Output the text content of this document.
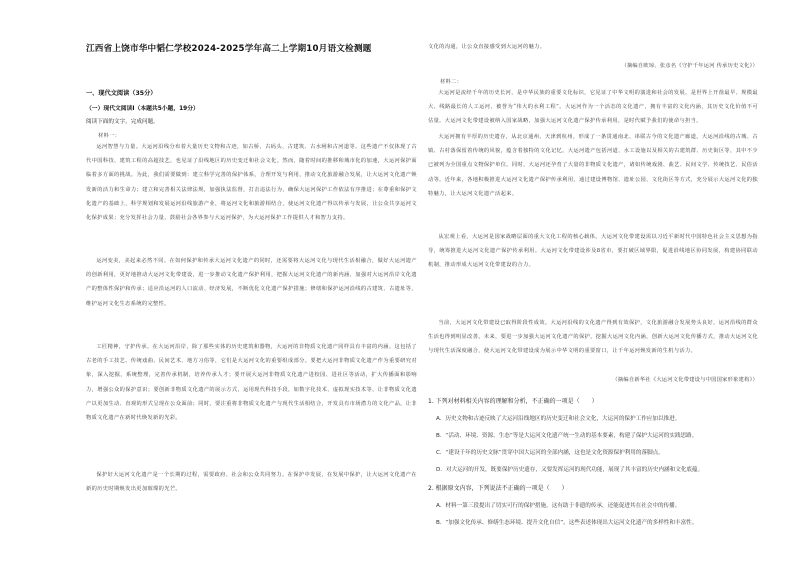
江西省上饶市华中韬仁学校2024-2025学年高二上学期10月语文检测题
一、现代文阅读（35分）
（一）现代文阅读Ⅰ（本题共5小题，19分）
阅读下面的文字，完成问题。
材料一：
运河智慧与力量。大运河沿线分布着大量历史文物和古迹，如古桥、古码头、古建筑、古水闸和古河道等。这些遗产不仅体现了古代中国科技、建筑工程的高超技艺，也见证了沿线地区的历史变迁和社会文化。然而，随着时间的推移和城市化的加速，大运河保护面临着多方面的挑战。为此，我们需要做到：建立科学完善的保护体系，合理开发与利用，推动文化旅游融合发展，让大运河文化遗产焕发新的活力和生命力；建立和完善相关法律法规，加强执法监督，打击违法行为，确保大运河保护工作依法有序推进；在尊重和保护文化遗产的基础上，科学规划和发展运河沿线旅游产业，将运河文化和旅游相结合，使运河文化遗产得以传承与发展，让公众共享运河文化保护成果；充分发挥社会力量，鼓励社会各界参与大运河保护，为大运河保护工作提供人才和智力支持。
运河变美，美起来必然不同。在如何保护和传承大运河文化遗产的同时，还需要将大运河文化与现代生活相融合，做好大运河遗产的创新利用，更好地推动大运河文化带建设，进一步推动文化遗产保护利用，把握大运河文化遗产的新内涵，加强对大运河沿岸文化遗产的整体性保护和传承；适应沿运河的人口流动、经济发展，不断优化文化遗产保护措施；修缮和保护运河沿线的古建筑、古遗址等，维护运河文化生态系统的完整性。
工匠精神，守护传承。在大运河沿岸，除了那些实体的历史建筑和器物，大运河的非物质文化遗产同样具有丰富的内涵。这包括了古老的手工技艺、传统戏曲、民间艺术、地方习俗等，它们是大运河文化的重要组成部分。要把大运河非物质文化遗产作为重要研究对象，深入挖掘，系统整理，完善传承机制，培养传承人才；要开展大运河非物质文化遗产进校园、进社区等活动，扩大传播面和影响力，增强公众的保护意识；要创新非物质文化遗产的展示方式，运用现代科技手段，如数字化技术、虚拟现实技术等，让非物质文化遗产以更加生动、直观的形式呈现在公众面前；同时，要注重将非物质文化遗产与现代生活相结合，开发具有市场潜力的文化产品，让非物质文化遗产在新时代焕发新的光彩。
保护好大运河文化遗产是一个长期的过程，需要政府、社会和公众共同努力。在保护中发展，在发展中保护，让大运河文化遗产在新的历史时期焕发出更加璀璨的光芒。
文化的沟通，让公众直接感受到大运河的魅力。
（摘编自欧琼、张彦名《守护千年运河 传承历史文化》）
材料二：
大运河是流经千年的历史长河，是中华民族的重要文化标识，它见证了中华文明的演进和社会的发展，是世界上开凿最早、规模最大、线路最长的人工运河，被誉为“伟大的水利工程”。大运河作为一个活态的文化遗产，拥有丰富的文化内涵，其历史文化价值不可估量。大运河文化带建设被纳入国家战略，加强大运河文化遗产保护传承利用，是时代赋予我们的使命与担当。
大运河拥有丰厚的历史遗存，从北京通州、天津到杭州，形成了一条贯通南北、串联古今的文化遗产廊道。大运河沿线的古城、古镇、古村落保留着传统的风貌，蕴含着独特的文化记忆。大运河遗产包括河道、水工设施以及相关的古建筑群、历史街区等，其中不少已被列为全国重点文物保护单位。同时，大运河还孕育了大量的非物质文化遗产，诸如传统戏剧、曲艺、民间文学、传统技艺、民俗活动等。近年来，各地积极推进大运河文化遗产保护传承利用，通过建设博物馆、遗址公园、文化街区等方式，充分展示大运河文化的独特魅力，让大运河文化遗产活起来。
从宏观上看，大运河是国家战略层面的重大文化工程的核心载体。大运河文化带建设需以习近平新时代中国特色社会主义思想为指导，统筹推进大运河文化遗产保护传承利用。大运河文化带建设涉及8省市，要打破区域界限，促进沿线地区协同发展，构建协同联动机制，推动形成大运河文化带建设的合力。
当前，大运河文化带建设已取得阶段性成效。大运河沿线的文化遗产得到有效保护，文化旅游融合发展势头良好，运河沿线的群众生活也得到明显改善。未来，要进一步加强大运河文化遗产的保护，挖掘大运河文化内涵，创新大运河文化传播方式，推动大运河文化与现代生活深度融合，使大运河文化带建设成为展示中华文明的重要窗口，让千年运河焕发新的生机与活力。
（摘编自新华社《大运河文化带建设与中国国家形象建构》）
1. 下列对材料相关内容的理解和分析，不正确的一项是（　　）
A．历史文物和古迹反映了大运河沿线地区的历史变迁和社会文化，大运河的保护工作应加以推进。
B．“活动、环境、资源、生态”等是大运河文化遗产统一生动的基本要素，构建了保护大运河的实践思路。
C．“建设千年的历史文脉”贯穿中国大运河的全部内涵，这也是文化资源保护利用的落脚点。
D．对大运河的开发，既要保护历史遗存，又要发挥运河的现代功能，展现了其丰富的历史内涵和文化底蕴。
2. 根据原文内容，下列说法不正确的一项是（　　）
A．材料一第三段提出了切实可行的保护措施，这有助于非遗的传承，还能促进其在社会中的传播。
B．“加强文化传承、修缮生态环境、提升文化自信”，这些表述体现出大运河文化遗产的多样性和丰富性。
